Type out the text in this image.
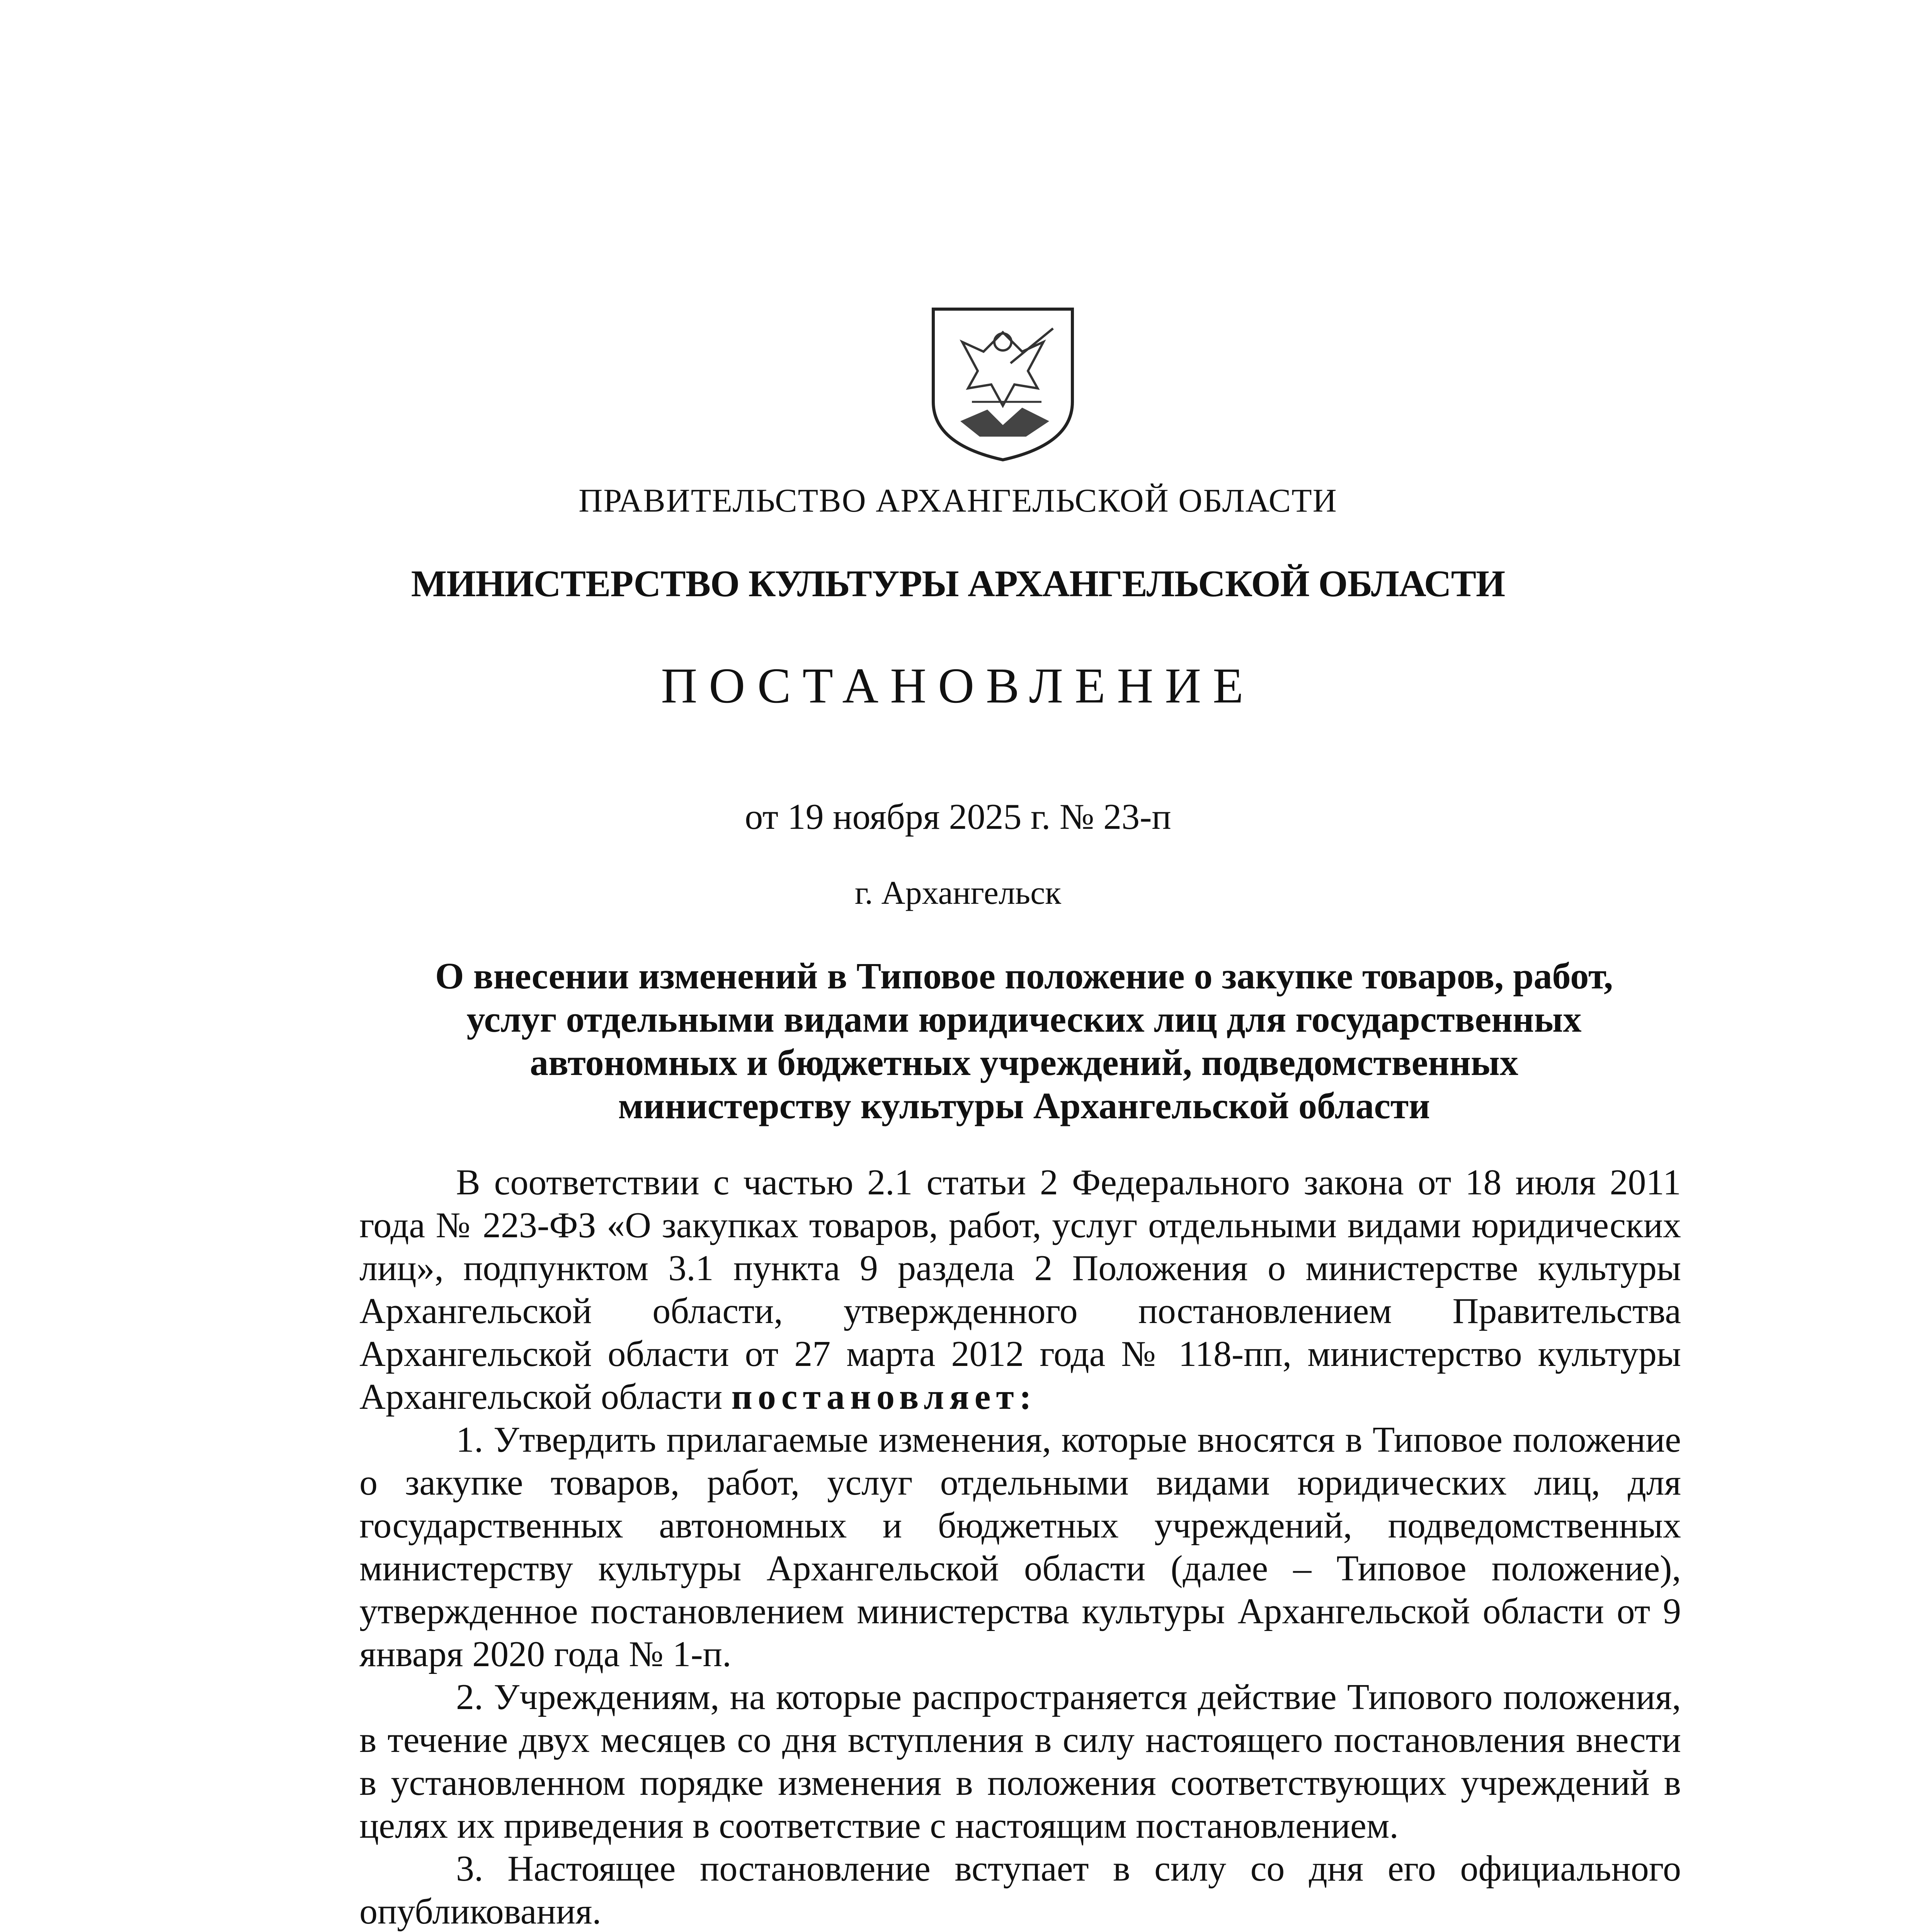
ПРАВИТЕЛЬСТВО АРХАНГЕЛЬСКОЙ ОБЛАСТИ
МИНИСТЕРСТВО КУЛЬТУРЫ АРХАНГЕЛЬСКОЙ ОБЛАСТИ
ПОСТАНОВЛЕНИЕ
от 19 ноября 2025 г. № 23-п
г. Архангельск
О внесении изменений в Типовое положение о закупке товаров, работ,
услуг отдельными видами юридических лиц для государственных
автономных и бюджетных учреждений, подведомственных
министерству культуры Архангельской области

В соответствии с частью 2.1 статьи 2 Федерального закона от 18 июля 2011 года № 223-ФЗ «О закупках товаров, работ, услуг отдельными видами юридических лиц», подпунктом 3.1 пункта 9 раздела 2 Положения о министерстве культуры Архангельской области, утвержденного постановлением Правительства Архангельской области от 27 марта 2012 года № 118-пп, министерство культуры Архангельской области постановляет:

1. Утвердить прилагаемые изменения, которые вносятся в Типовое положение о закупке товаров, работ, услуг отдельными видами юридических лиц, для государственных автономных и бюджетных учреждений, подведомственных министерству культуры Архангельской области (далее – Типовое положение), утвержденное постановлением министерства культуры Архангельской области от 9 января 2020 года № 1-п.

2. Учреждениям, на которые распространяется действие Типового положения, в течение двух месяцев со дня вступления в силу настоящего постановления внести в установленном порядке изменения в положения соответствующих учреждений в целях их приведения в соответствие с настоящим постановлением.

3. Настоящее постановление вступает в силу со дня его официального опубликования.
